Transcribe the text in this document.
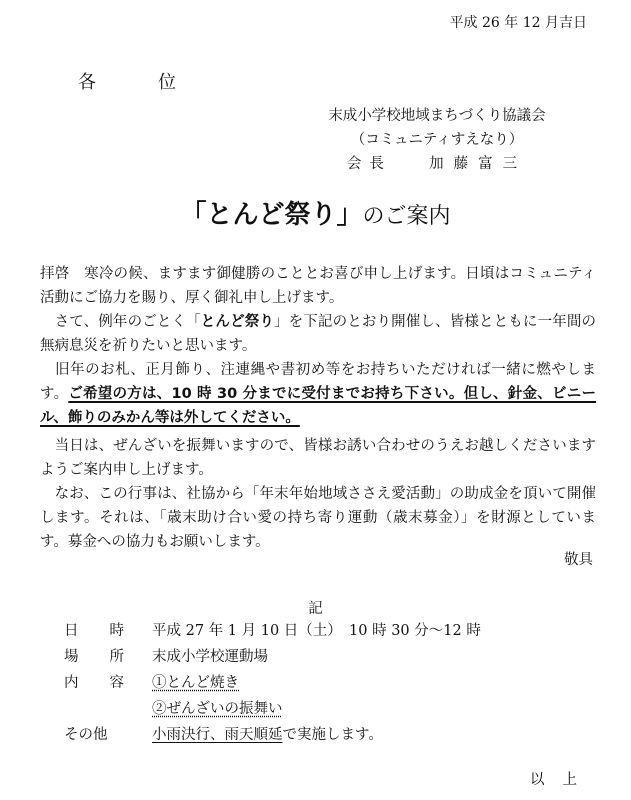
平成 26 年 12 月吉日
各位
末成小学校地域まちづくり協議会
（コミュニティすえなり）
会長	加藤富三
「とんど祭り」のご案内

拝啓　寒冷の候、ますます御健勝のこととお喜び申し上げます。日頃はコミュニティ活動にご協力を賜り、厚く御礼申し上げます。

　さて、例年のごとく「とんど祭り」を下記のとおり開催し、皆様とともに一年間の無病息災を祈りたいと思います。

　旧年のお札、正月飾り、注連縄や書初め等をお持ちいただければ一緒に燃やします。ご希望の方は、10 時 30 分までに受付までお持ち下さい。但し、針金、ビニール、飾りのみかん等は外してください。

　当日は、ぜんざいを振舞いますので、皆様お誘い合わせのうえお越しくださいますようご案内申し上げます。

　なお、この行事は、社協から「年末年始地域ささえ愛活動」の助成金を頂いて開催します。それは、「歳末助け合い愛の持ち寄り運動（歳末募金）」を財源としています。募金への協力もお願いします。

敬具
記
日 時 平成 27 年 1 月 10 日（土）　10 時 30 分～12 時
場 所 末成小学校運動場
内 容 ①とんど焼き
②ぜんざいの振舞い
その他	小雨決行、雨天順延で実施します。
以上
